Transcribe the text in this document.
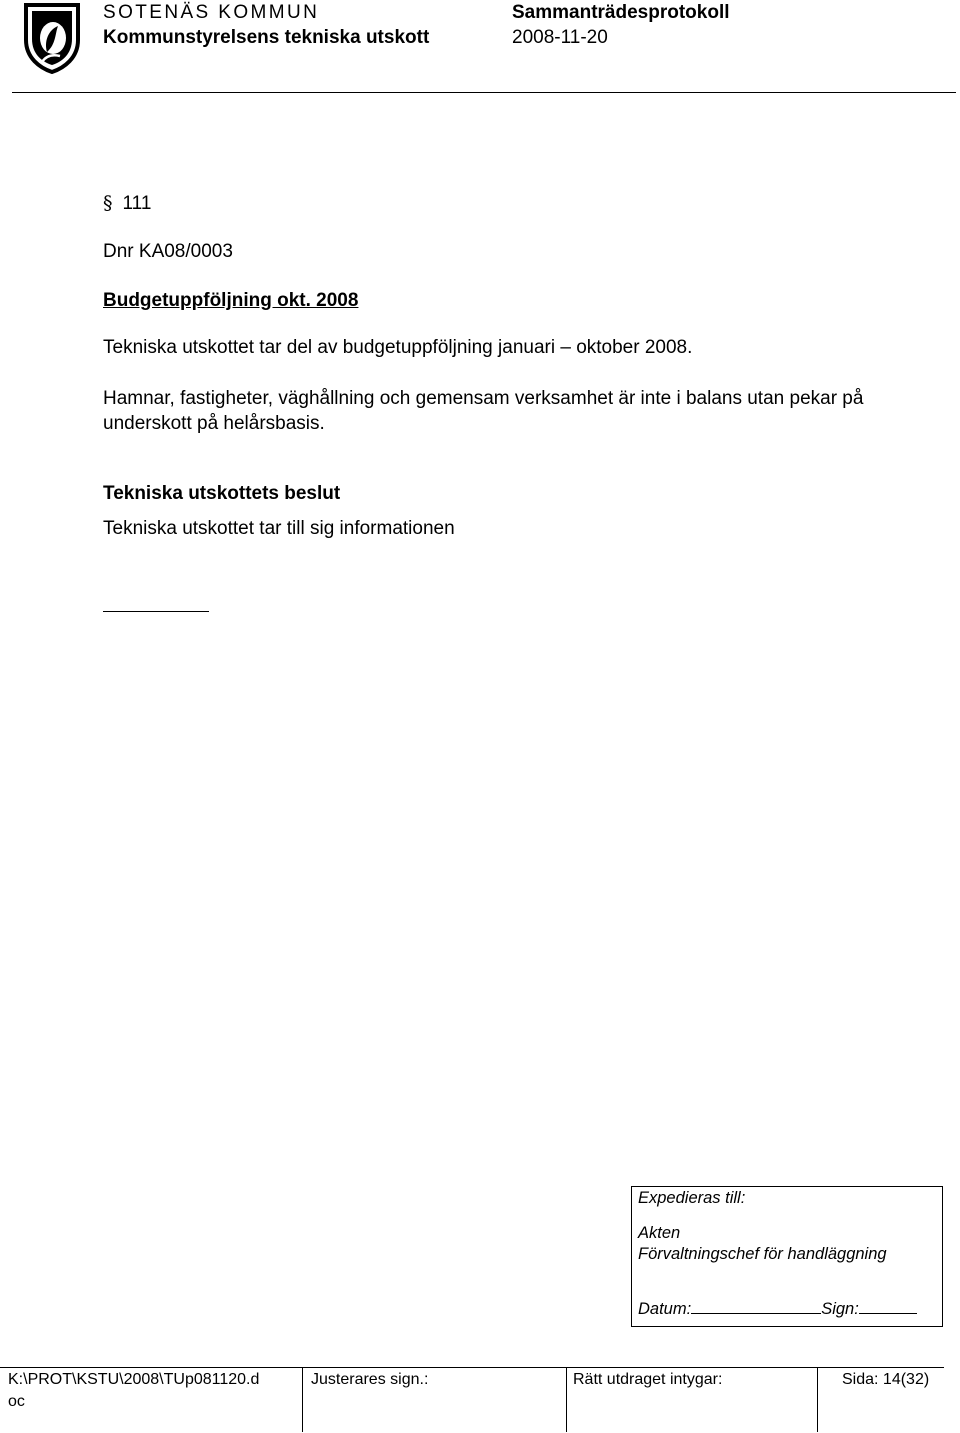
SOTENÄS KOMMUN
Kommunstyrelsens tekniska utskott
Sammanträdesprotokoll
2008-11-20
§ 111
Dnr KA08/0003
Budgetuppföljning okt. 2008
Tekniska utskottet tar del av budgetuppföljning januari – oktober 2008.
Hamnar, fastigheter, väghållning och gemensam verksamhet är inte i balans utan pekar på underskott på helårsbasis.
Tekniska utskottets beslut
Tekniska utskottet tar till sig informationen
Expedieras till:
Akten
Förvaltningschef för handläggning
Datum:	Sign:
K:\PROT\KSTU\2008\TUp081120.d
oc
Justerares sign.:	Rätt utdraget intygar:	Sida: 14(32)
